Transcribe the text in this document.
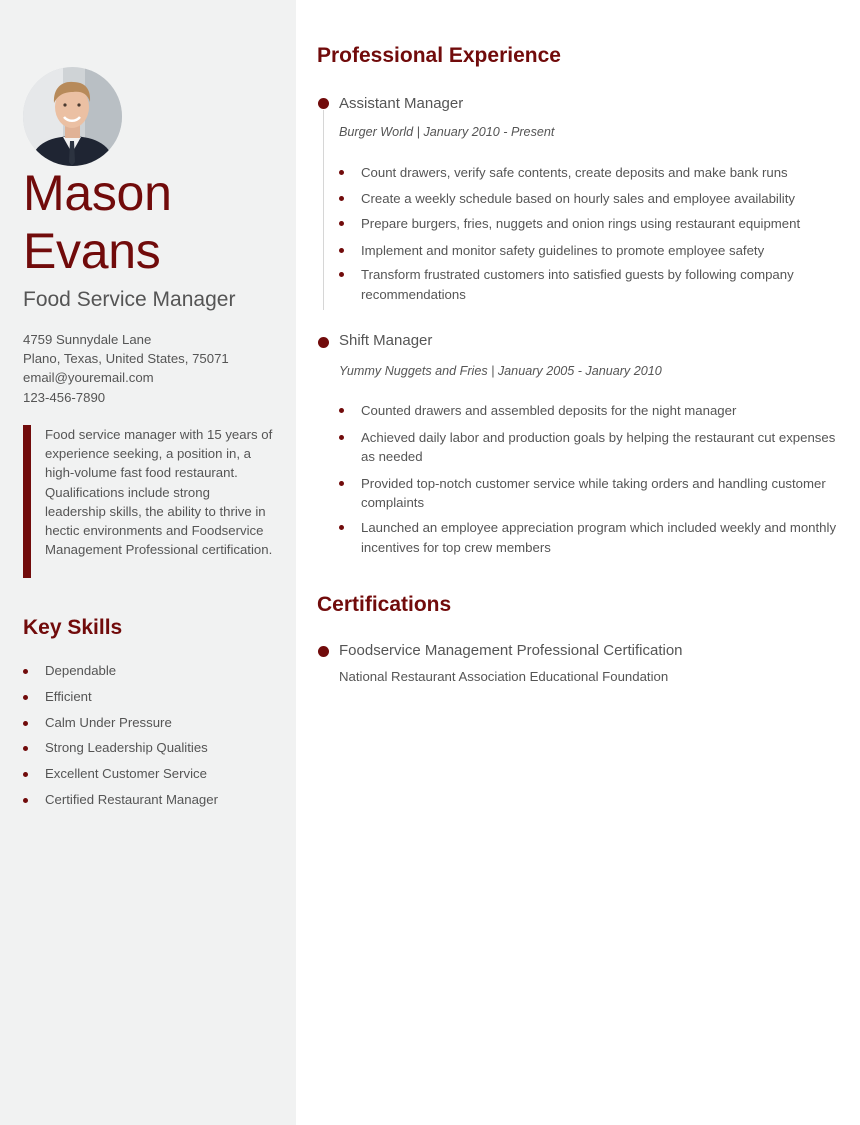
Mason
Evans
Food Service Manager
4759 Sunnydale Lane
Plano, Texas, United States, 75071
email@youremail.com
123-456-7890
Food service manager with 15 years of experience seeking, a position in, a high-volume fast food restaurant. Qualifications include strong leadership skills, the ability to thrive in hectic environments and Foodservice Management Professional certification.
Key Skills
Dependable
Efficient
Calm Under Pressure
Strong Leadership Qualities
Excellent Customer Service
Certified Restaurant Manager
Professional Experience
Assistant Manager
Burger World | January 2010 - Present
Count drawers, verify safe contents, create deposits and make bank runs
Create a weekly schedule based on hourly sales and employee availability
Prepare burgers, fries, nuggets and onion rings using restaurant equipment
Implement and monitor safety guidelines to promote employee safety
Transform frustrated customers into satisfied guests by following company recommendations
Shift Manager
Yummy Nuggets and Fries | January 2005 - January 2010
Counted drawers and assembled deposits for the night manager
Achieved daily labor and production goals by helping the restaurant cut expenses as needed
Provided top-notch customer service while taking orders and handling customer complaints
Launched an employee appreciation program which included weekly and monthly incentives for top crew members
Certifications
Foodservice Management Professional Certification
National Restaurant Association Educational Foundation
